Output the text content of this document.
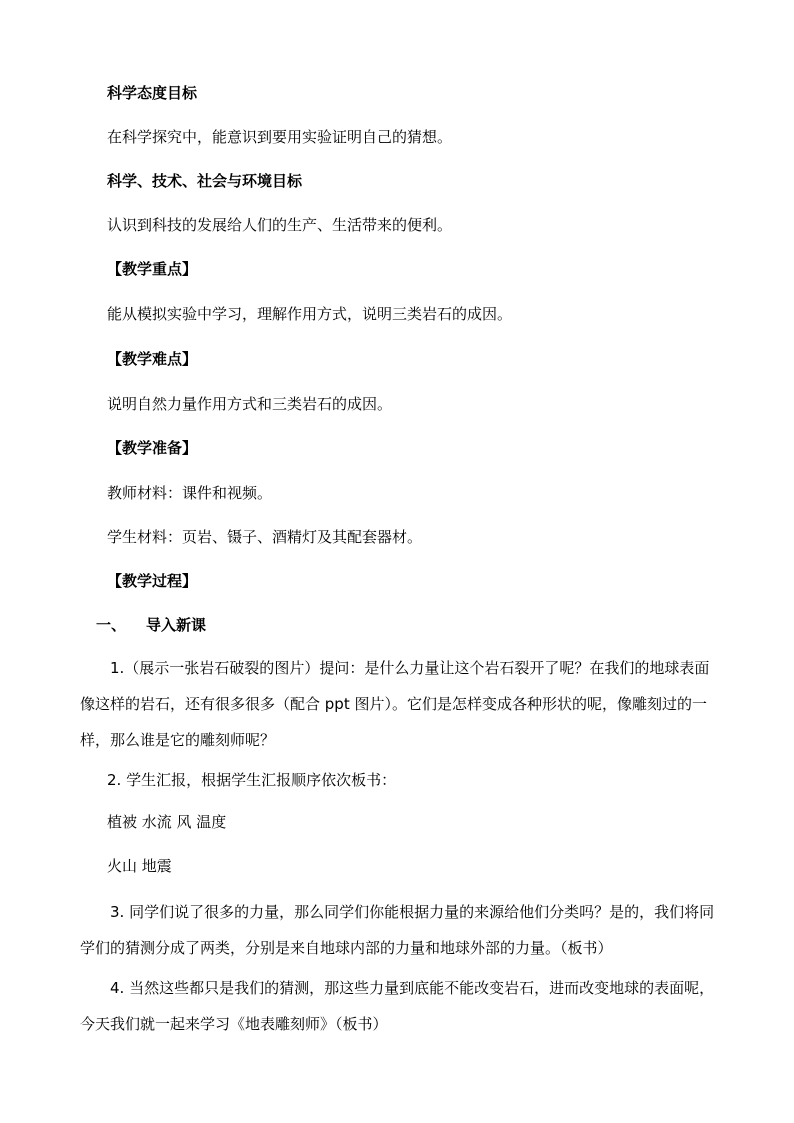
科学态度目标
在科学探究中，能意识到要用实验证明自己的猜想。
科学、技术、社会与环境目标
认识到科技的发展给人们的生产、生活带来的便利。
【教学重点】
能从模拟实验中学习，理解作用方式，说明三类岩石的成因。
【教学难点】
说明自然力量作用方式和三类岩石的成因。
【教学准备】
教师材料：课件和视频。
学生材料：页岩、镊子、酒精灯及其配套器材。
【教学过程】
一、 导入新课
1.（展示一张岩石破裂的图片）提问：是什么力量让这个岩石裂开了呢？在我们的地球表面像这样的岩石，还有很多很多（配合 ppt 图片）。它们是怎样变成各种形状的呢，像雕刻过的一样，那么谁是它的雕刻师呢？
2. 学生汇报，根据学生汇报顺序依次板书：
植被 水流 风 温度
火山 地震
3. 同学们说了很多的力量，那么同学们你能根据力量的来源给他们分类吗？是的，我们将同学们的猜测分成了两类，分别是来自地球内部的力量和地球外部的力量。（板书）
4. 当然这些都只是我们的猜测，那这些力量到底能不能改变岩石，进而改变地球的表面呢，今天我们就一起来学习《地表雕刻师》（板书）
